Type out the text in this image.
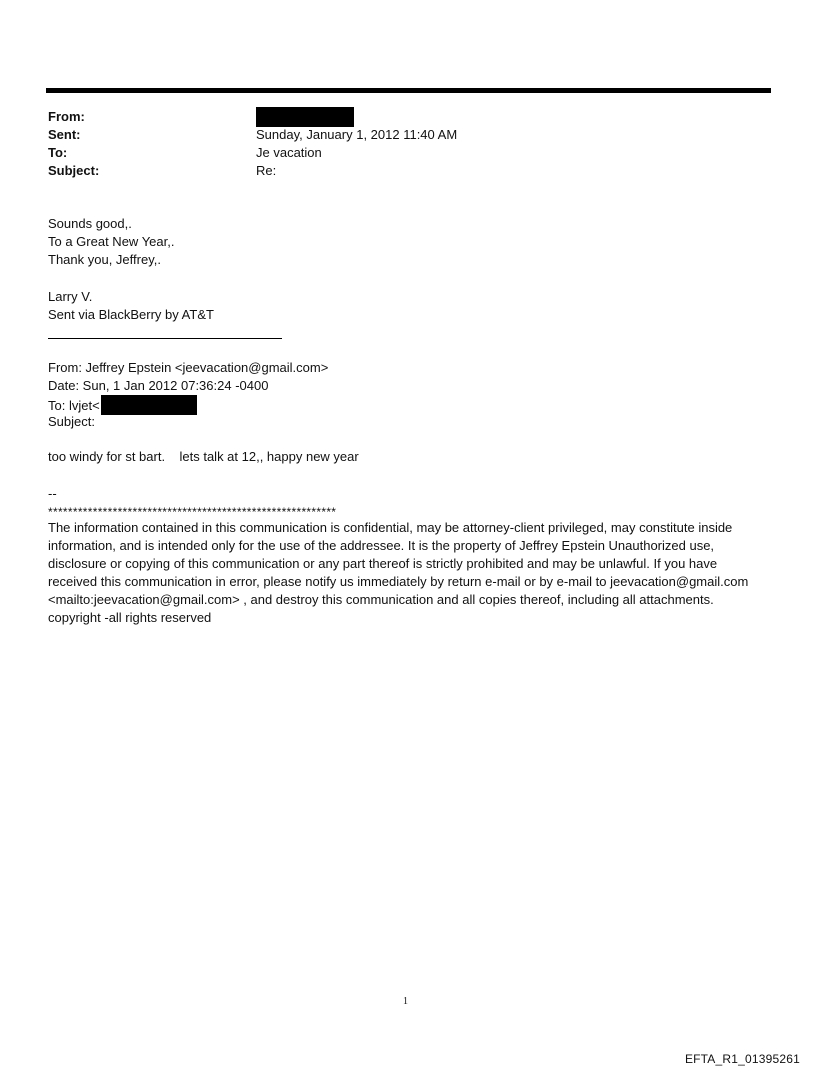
From:
Sent:	Sunday, January 1, 2012 11:40 AM
To:	Je vacation
Subject:	Re:
Sounds good,.
To a Great New Year,.
Thank you, Jeffrey,.
Larry V.
Sent via BlackBerry by AT&T
From: Jeffrey Epstein <jeevacation@gmail.com>
Date: Sun, 1 Jan 2012 07:36:24 -0400
To: lvjet<
Subject:
too windy for st bart.    lets talk at 12,, happy new year
--
**********************************************************
The information contained in this communication is confidential, may be attorney-client privileged, may constitute inside information, and is intended only for the use of the addressee. It is the property of Jeffrey Epstein Unauthorized use, disclosure or copying of this communication or any part thereof is strictly prohibited and may be unlawful. If you have received this communication in error, please notify us immediately by return e-mail or by e-mail to jeevacation@gmail.com <mailto:jeevacation@gmail.com> , and destroy this communication and all copies thereof, including all attachments. copyright -all rights reserved
1
EFTA_R1_01395261
